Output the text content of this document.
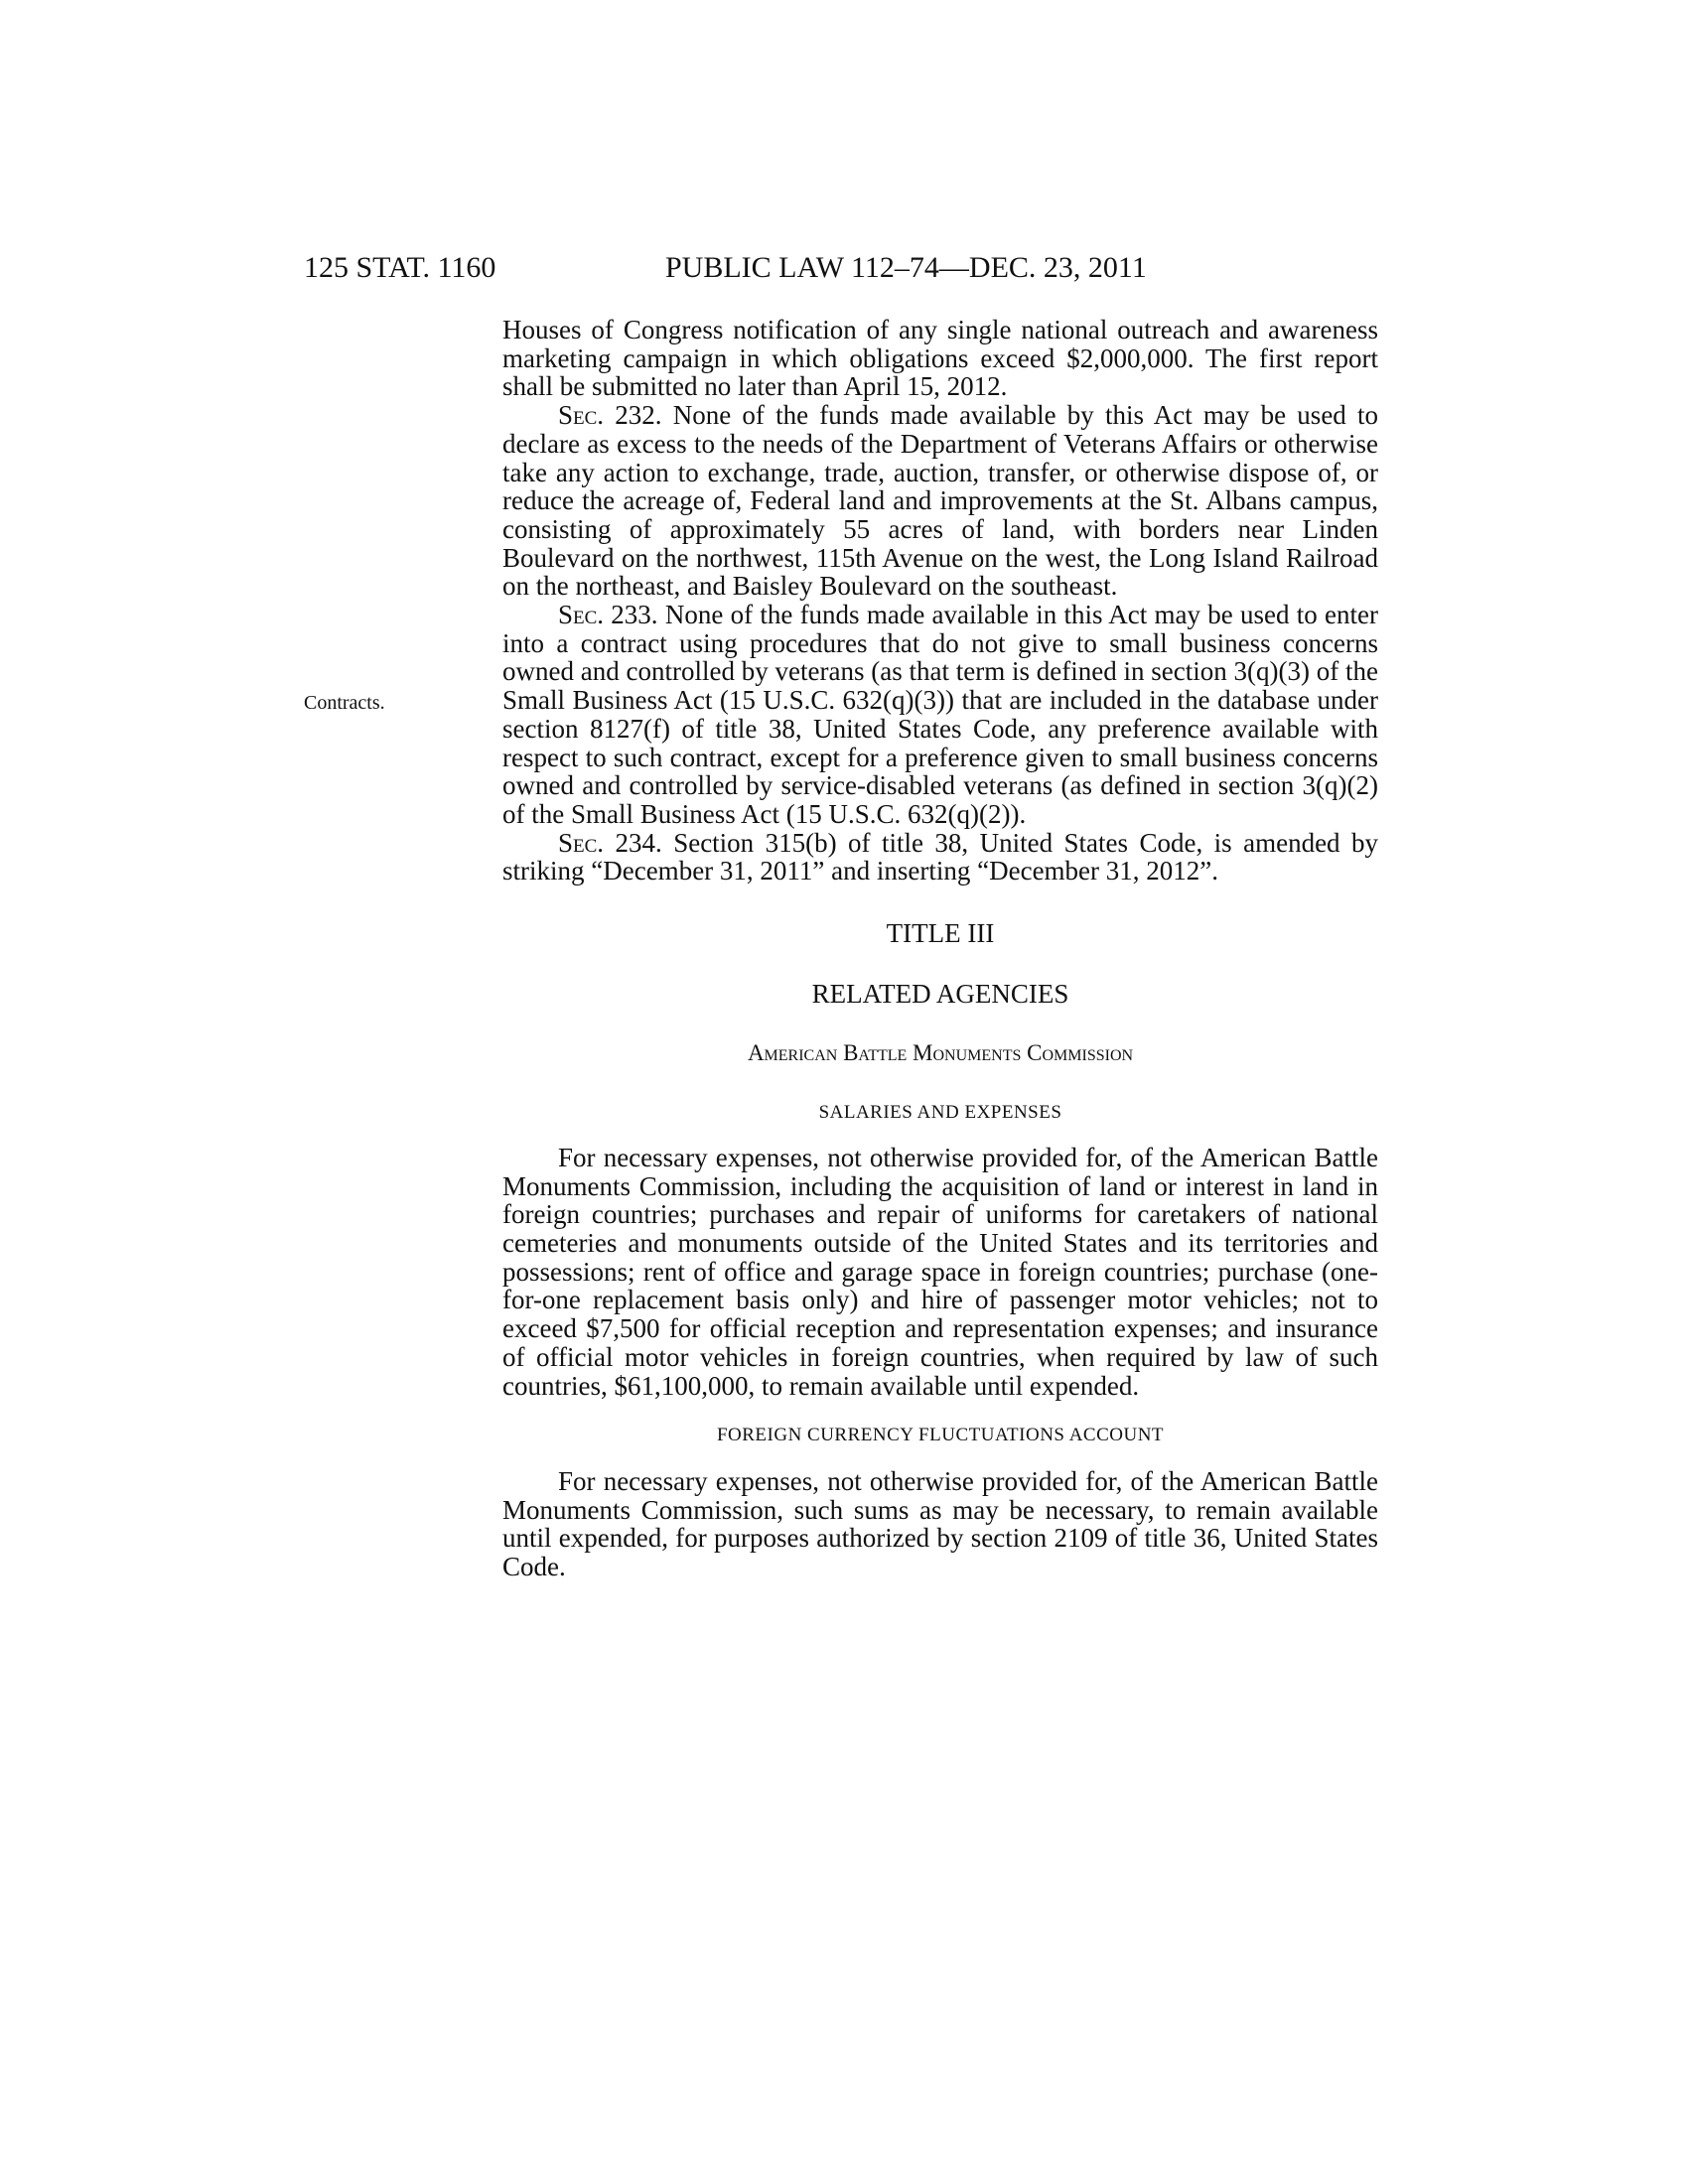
125 STAT. 1160	PUBLIC LAW 112–74—DEC. 23, 2011
Contracts.

Houses of Congress notification of any single national outreach and awareness marketing campaign in which obligations exceed $2,000,000. The first report shall be submitted no later than April 15, 2012.

Sec. 232. None of the funds made available by this Act may be used to declare as excess to the needs of the Department of Veterans Affairs or otherwise take any action to exchange, trade, auction, transfer, or otherwise dispose of, or reduce the acreage of, Federal land and improvements at the St. Albans campus, consisting of approximately 55 acres of land, with borders near Linden Boulevard on the northwest, 115th Avenue on the west, the Long Island Railroad on the northeast, and Baisley Boulevard on the southeast.

Sec. 233. None of the funds made available in this Act may be used to enter into a contract using procedures that do not give to small business concerns owned and controlled by veterans (as that term is defined in section 3(q)(3) of the Small Business Act (15 U.S.C. 632(q)(3)) that are included in the database under section 8127(f) of title 38, United States Code, any preference available with respect to such contract, except for a preference given to small business concerns owned and controlled by service-disabled veterans (as defined in section 3(q)(2) of the Small Business Act (15 U.S.C. 632(q)(2)).

Sec. 234. Section 315(b) of title 38, United States Code, is amended by striking “December 31, 2011” and inserting “December 31, 2012”.

TITLE III
RELATED AGENCIES
American Battle Monuments Commission
SALARIES AND EXPENSES

For necessary expenses, not otherwise provided for, of the American Battle Monuments Commission, including the acquisition of land or interest in land in foreign countries; purchases and repair of uniforms for caretakers of national cemeteries and monuments outside of the United States and its territories and possessions; rent of office and garage space in foreign countries; purchase (one-for-one replacement basis only) and hire of passenger motor vehicles; not to exceed $7,500 for official reception and representation expenses; and insurance of official motor vehicles in foreign countries, when required by law of such countries, $61,100,000, to remain available until expended.

FOREIGN CURRENCY FLUCTUATIONS ACCOUNT

For necessary expenses, not otherwise provided for, of the American Battle Monuments Commission, such sums as may be necessary, to remain available until expended, for purposes authorized by section 2109 of title 36, United States Code.
